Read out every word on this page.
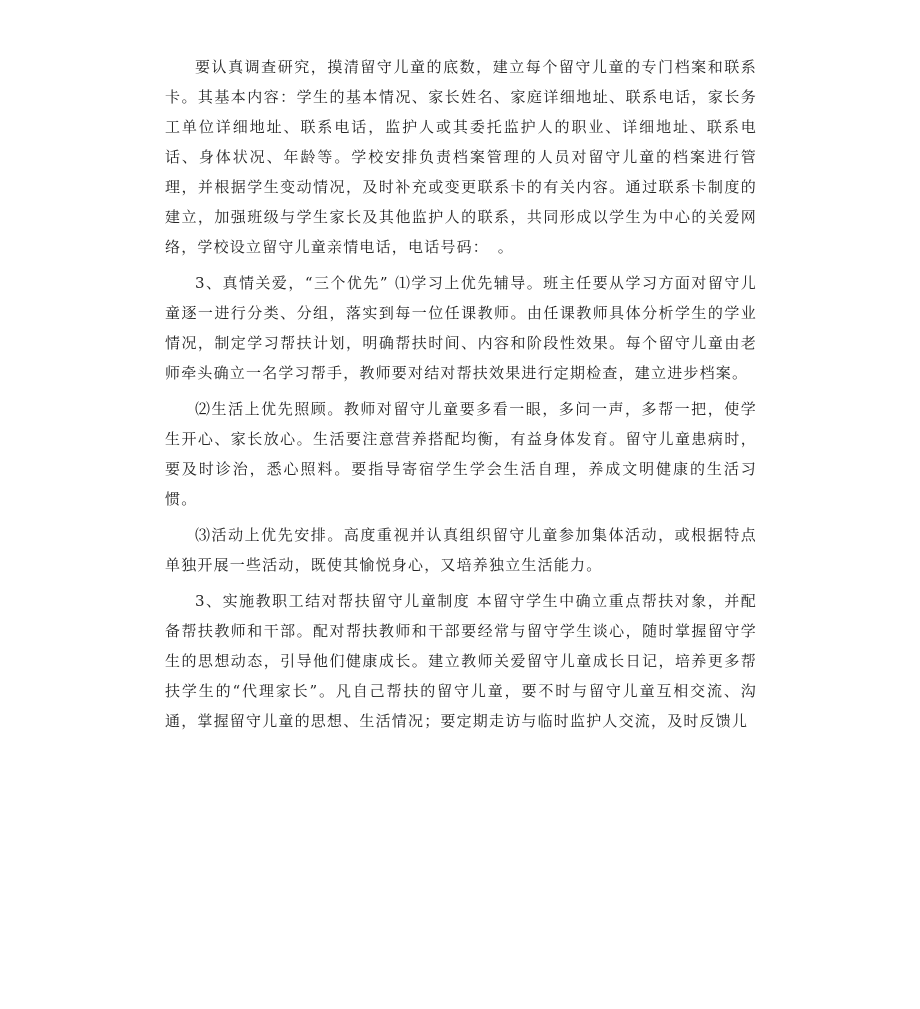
要认真调查研究，摸清留守儿童的底数，建立每个留守儿童的专门档案和联系卡。其基本内容：学生的基本情况、家长姓名、家庭详细地址、联系电话，家长务工单位详细地址、联系电话，监护人或其委托监护人的职业、详细地址、联系电话、身体状况、年龄等。学校安排负责档案管理的人员对留守儿童的档案进行管理，并根据学生变动情况，及时补充或变更联系卡的有关内容。通过联系卡制度的建立，加强班级与学生家长及其他监护人的联系，共同形成以学生为中心的关爱网络，学校设立留守儿童亲情电话，电话号码：　。

3、真情关爱，“三个优先” ⑴学习上优先辅导。班主任要从学习方面对留守儿童逐一进行分类、分组，落实到每一位任课教师。由任课教师具体分析学生的学业情况，制定学习帮扶计划，明确帮扶时间、内容和阶段性效果。每个留守儿童由老师牵头确立一名学习帮手，教师要对结对帮扶效果进行定期检查，建立进步档案。

⑵生活上优先照顾。教师对留守儿童要多看一眼，多问一声，多帮一把，使学生开心、家长放心。生活要注意营养搭配均衡，有益身体发育。留守儿童患病时，要及时诊治，悉心照料。要指导寄宿学生学会生活自理，养成文明健康的生活习惯。

⑶活动上优先安排。高度重视并认真组织留守儿童参加集体活动，或根据特点单独开展一些活动，既使其愉悦身心，又培养独立生活能力。

3、实施教职工结对帮扶留守儿童制度 本留守学生中确立重点帮扶对象，并配备帮扶教师和干部。配对帮扶教师和干部要经常与留守学生谈心，随时掌握留守学生的思想动态，引导他们健康成长。建立教师关爱留守儿童成长日记，培养更多帮扶学生的“代理家长”。凡自己帮扶的留守儿童，要不时与留守儿童互相交流、沟通，掌握留守儿童的思想、生活情况；要定期走访与临时监护人交流，及时反馈儿
